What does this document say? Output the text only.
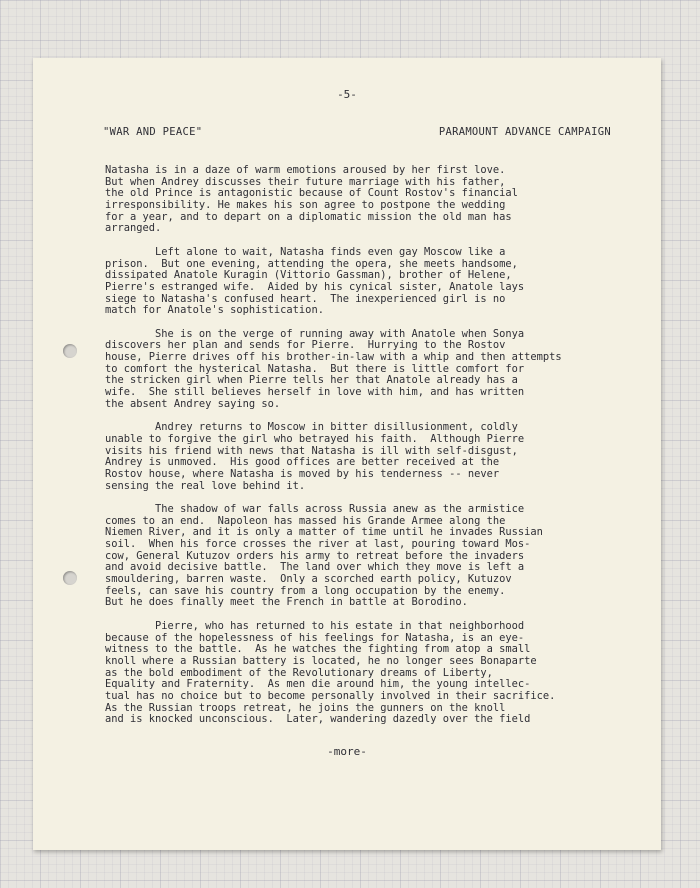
-5-
"WAR AND PEACE"	PARAMOUNT ADVANCE CAMPAIGN
Natasha is in a daze of warm emotions aroused by her first love.
But when Andrey discusses their future marriage with his father,
the old Prince is antagonistic because of Count Rostov's financial
irresponsibility. He makes his son agree to postpone the wedding
for a year, and to depart on a diplomatic mission the old man has
arranged.
Left alone to wait, Natasha finds even gay Moscow like a
prison.  But one evening, attending the opera, she meets handsome,
dissipated Anatole Kuragin (Vittorio Gassman), brother of Helene,
Pierre's estranged wife.  Aided by his cynical sister, Anatole lays
siege to Natasha's confused heart.  The inexperienced girl is no
match for Anatole's sophistication.
She is on the verge of running away with Anatole when Sonya
discovers her plan and sends for Pierre.  Hurrying to the Rostov
house, Pierre drives off his brother-in-law with a whip and then attempts
to comfort the hysterical Natasha.  But there is little comfort for
the stricken girl when Pierre tells her that Anatole already has a
wife.  She still believes herself in love with him, and has written
the absent Andrey saying so.
Andrey returns to Moscow in bitter disillusionment, coldly
unable to forgive the girl who betrayed his faith.  Although Pierre
visits his friend with news that Natasha is ill with self-disgust,
Andrey is unmoved.  His good offices are better received at the
Rostov house, where Natasha is moved by his tenderness -- never
sensing the real love behind it.
The shadow of war falls across Russia anew as the armistice
comes to an end.  Napoleon has massed his Grande Armee along the
Niemen River, and it is only a matter of time until he invades Russian
soil.  When his force crosses the river at last, pouring toward Mos-
cow, General Kutuzov orders his army to retreat before the invaders
and avoid decisive battle.  The land over which they move is left a
smouldering, barren waste.  Only a scorched earth policy, Kutuzov
feels, can save his country from a long occupation by the enemy.
But he does finally meet the French in battle at Borodino.
Pierre, who has returned to his estate in that neighborhood
because of the hopelessness of his feelings for Natasha, is an eye-
witness to the battle.  As he watches the fighting from atop a small
knoll where a Russian battery is located, he no longer sees Bonaparte
as the bold embodiment of the Revolutionary dreams of Liberty,
Equality and Fraternity.  As men die around him, the young intellec-
tual has no choice but to become personally involved in their sacrifice.
As the Russian troops retreat, he joins the gunners on the knoll
and is knocked unconscious.  Later, wandering dazedly over the field
-more-
